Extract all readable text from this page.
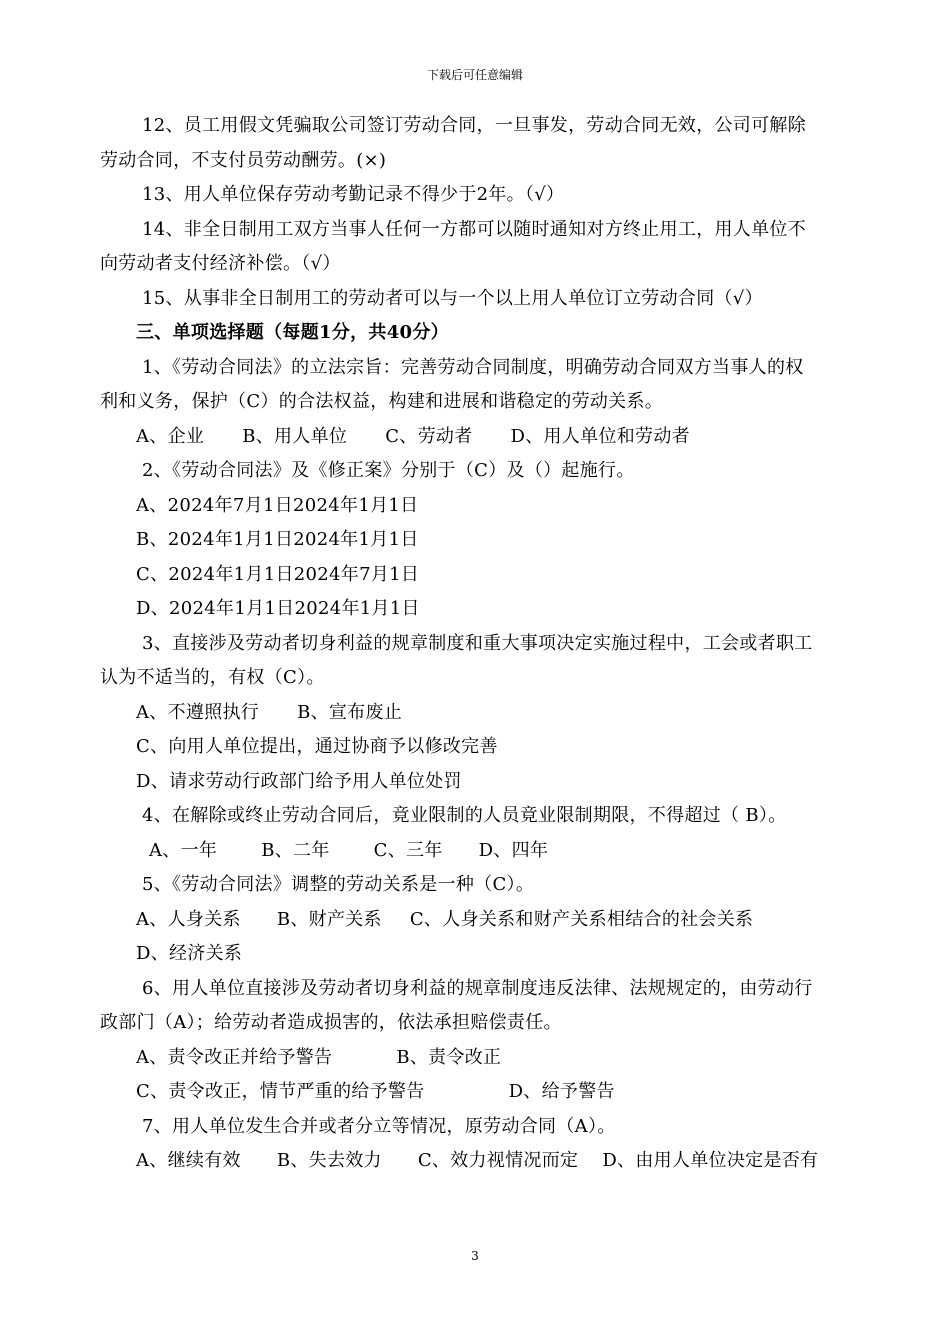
下载后可任意编辑
12、员工用假文凭骗取公司签订劳动合同，一旦事发，劳动合同无效，公司可解除
劳动合同，不支付员劳动酬劳。(×)
13、用人单位保存劳动考勤记录不得少于2年。（√）
14、非全日制用工双方当事人任何一方都可以随时通知对方终止用工，用人单位不
向劳动者支付经济补偿。（√）
15、从事非全日制用工的劳动者可以与一个以上用人单位订立劳动合同（√）
三、单项选择题（每题1分，共40分）
1、《劳动合同法》的立法宗旨：完善劳动合同制度，明确劳动合同双方当事人的权
利和义务，保护（C）的合法权益，构建和进展和谐稳定的劳动关系。
A、企业 B、用人单位 C、劳动者 D、用人单位和劳动者
2、《劳动合同法》及《修正案》分别于（C）及（）起施行。
A、2024年7月1日2024年1月1日
B、2024年1月1日2024年1月1日
C、2024年1月1日2024年7月1日
D、2024年1月1日2024年1月1日
3、直接涉及劳动者切身利益的规章制度和重大事项决定实施过程中，工会或者职工
认为不适当的，有权（C）。
A、不遵照执行 B、宣布废止
C、向用人单位提出，通过协商予以修改完善
D、请求劳动行政部门给予用人单位处罚
4、在解除或终止劳动合同后，竟业限制的人员竟业限制期限，不得超过（ B）。
A、一年 B、二年 C、三年 D、四年
5、《劳动合同法》调整的劳动关系是一种（C）。
A、人身关系 B、财产关系 C、人身关系和财产关系相结合的社会关系
D、经济关系
6、用人单位直接涉及劳动者切身利益的规章制度违反法律、法规规定的，由劳动行
政部门（A）；给劳动者造成损害的，依法承担赔偿责任。
A、责令改正并给予警告	B、责令改正
C、责令改正，情节严重的给予警告	D、给予警告
7、用人单位发生合并或者分立等情况，原劳动合同（A）。
A、继续有效 B、失去效力 C、效力视情况而定 D、由用人单位决定是否有
3
